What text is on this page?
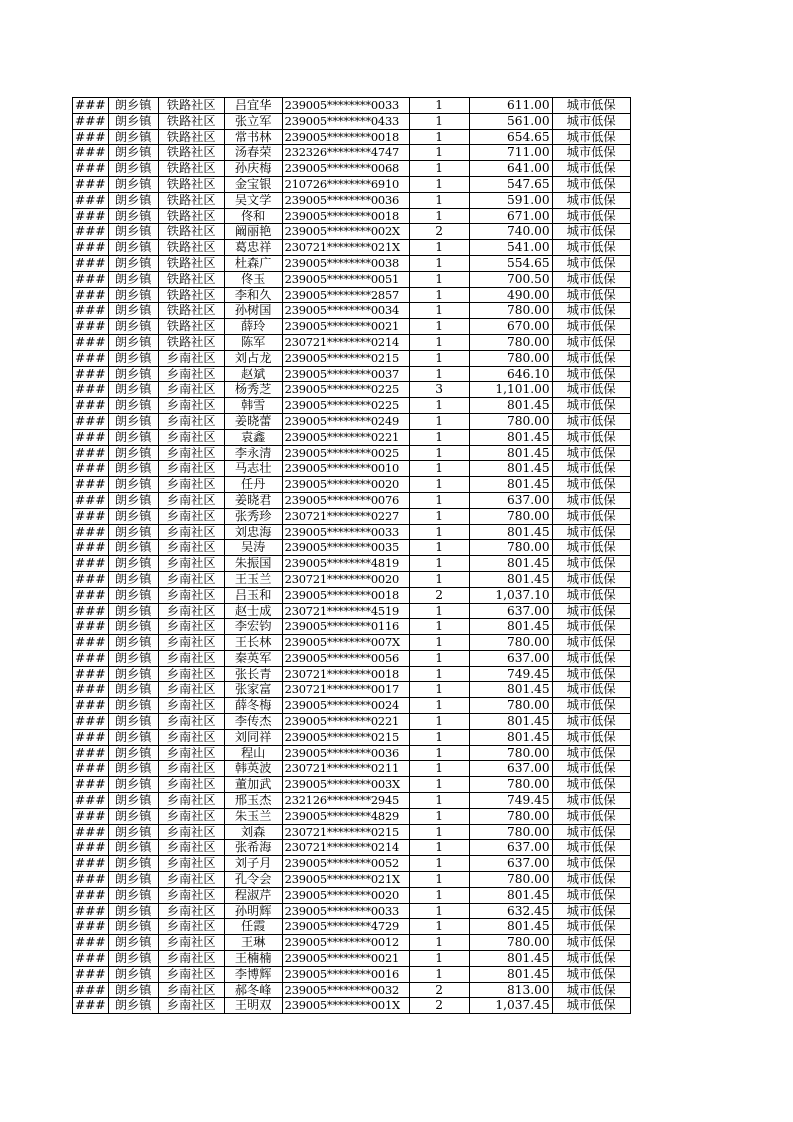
###	朗乡镇	铁路社区	吕宜华	239005********0033	1	611.00	城市低保
###	朗乡镇	铁路社区	张立军	239005********0433	1	561.00	城市低保
###	朗乡镇	铁路社区	常书林	239005********0018	1	654.65	城市低保
###	朗乡镇	铁路社区	汤春荣	232326********4747	1	711.00	城市低保
###	朗乡镇	铁路社区	孙庆梅	239005********0068	1	641.00	城市低保
###	朗乡镇	铁路社区	金宝银	210726********6910	1	547.65	城市低保
###	朗乡镇	铁路社区	吴文学	239005********0036	1	591.00	城市低保
###	朗乡镇	铁路社区	佟和	239005********0018	1	671.00	城市低保
###	朗乡镇	铁路社区	阚丽艳	239005********002X	2	740.00	城市低保
###	朗乡镇	铁路社区	葛忠祥	230721********021X	1	541.00	城市低保
###	朗乡镇	铁路社区	杜森广	239005********0038	1	554.65	城市低保
###	朗乡镇	铁路社区	佟玉	239005********0051	1	700.50	城市低保
###	朗乡镇	铁路社区	李和久	239005********2857	1	490.00	城市低保
###	朗乡镇	铁路社区	孙树国	239005********0034	1	780.00	城市低保
###	朗乡镇	铁路社区	薛玲	239005********0021	1	670.00	城市低保
###	朗乡镇	铁路社区	陈军	230721********0214	1	780.00	城市低保
###	朗乡镇	乡南社区	刘占龙	239005********0215	1	780.00	城市低保
###	朗乡镇	乡南社区	赵斌	239005********0037	1	646.10	城市低保
###	朗乡镇	乡南社区	杨秀芝	239005********0225	3	1,101.00	城市低保
###	朗乡镇	乡南社区	韩雪	239005********0225	1	801.45	城市低保
###	朗乡镇	乡南社区	姜晓蕾	239005********0249	1	780.00	城市低保
###	朗乡镇	乡南社区	袁鑫	239005********0221	1	801.45	城市低保
###	朗乡镇	乡南社区	李永清	239005********0025	1	801.45	城市低保
###	朗乡镇	乡南社区	马志壮	239005********0010	1	801.45	城市低保
###	朗乡镇	乡南社区	任丹	239005********0020	1	801.45	城市低保
###	朗乡镇	乡南社区	姜晓君	239005********0076	1	637.00	城市低保
###	朗乡镇	乡南社区	张秀珍	230721********0227	1	780.00	城市低保
###	朗乡镇	乡南社区	刘忠海	239005********0033	1	801.45	城市低保
###	朗乡镇	乡南社区	吴涛	239005********0035	1	780.00	城市低保
###	朗乡镇	乡南社区	朱振国	239005********4819	1	801.45	城市低保
###	朗乡镇	乡南社区	王玉兰	230721********0020	1	801.45	城市低保
###	朗乡镇	乡南社区	吕玉和	239005********0018	2	1,037.10	城市低保
###	朗乡镇	乡南社区	赵士成	230721********4519	1	637.00	城市低保
###	朗乡镇	乡南社区	李宏钧	239005********0116	1	801.45	城市低保
###	朗乡镇	乡南社区	王长林	239005********007X	1	780.00	城市低保
###	朗乡镇	乡南社区	秦英军	239005********0056	1	637.00	城市低保
###	朗乡镇	乡南社区	张长青	230721********0018	1	749.45	城市低保
###	朗乡镇	乡南社区	张家富	230721********0017	1	801.45	城市低保
###	朗乡镇	乡南社区	薛冬梅	239005********0024	1	780.00	城市低保
###	朗乡镇	乡南社区	李传杰	239005********0221	1	801.45	城市低保
###	朗乡镇	乡南社区	刘同祥	239005********0215	1	801.45	城市低保
###	朗乡镇	乡南社区	程山	239005********0036	1	780.00	城市低保
###	朗乡镇	乡南社区	韩英波	230721********0211	1	637.00	城市低保
###	朗乡镇	乡南社区	董加武	239005********003X	1	780.00	城市低保
###	朗乡镇	乡南社区	邢玉杰	232126********2945	1	749.45	城市低保
###	朗乡镇	乡南社区	朱玉兰	239005********4829	1	780.00	城市低保
###	朗乡镇	乡南社区	刘森	230721********0215	1	780.00	城市低保
###	朗乡镇	乡南社区	张希海	230721********0214	1	637.00	城市低保
###	朗乡镇	乡南社区	刘子月	239005********0052	1	637.00	城市低保
###	朗乡镇	乡南社区	孔令会	239005********021X	1	780.00	城市低保
###	朗乡镇	乡南社区	程淑芹	239005********0020	1	801.45	城市低保
###	朗乡镇	乡南社区	孙明辉	239005********0033	1	632.45	城市低保
###	朗乡镇	乡南社区	任霞	239005********4729	1	801.45	城市低保
###	朗乡镇	乡南社区	王琳	239005********0012	1	780.00	城市低保
###	朗乡镇	乡南社区	王楠楠	239005********0021	1	801.45	城市低保
###	朗乡镇	乡南社区	李博辉	239005********0016	1	801.45	城市低保
###	朗乡镇	乡南社区	郝冬峰	239005********0032	2	813.00	城市低保
###	朗乡镇	乡南社区	王明双	239005********001X	2	1,037.45	城市低保
